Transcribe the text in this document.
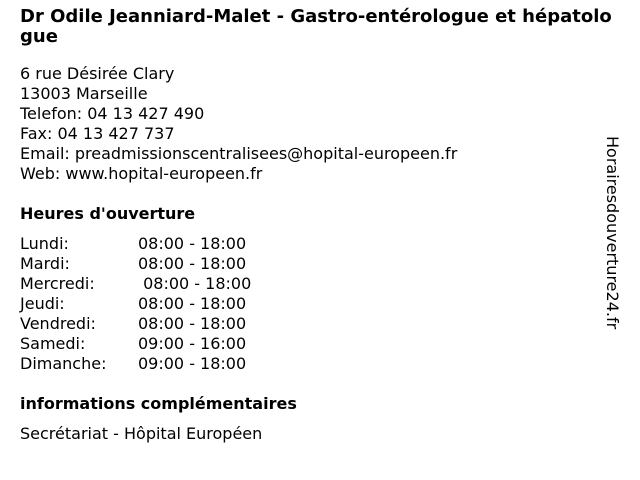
Dr Odile Jeanniard-Malet - Gastro-entérologue et hépatologue
6 rue Désirée Clary
13003 Marseille
Telefon: 04 13 427 490
Fax: 04 13 427 737
Email: preadmissionscentralisees@hopital-europeen.fr
Web: www.hopital-europeen.fr
Heures d'ouverture
Lundi:	08:00 - 18:00
Mardi:	08:00 - 18:00
Mercredi:	08:00 - 18:00
Jeudi:	08:00 - 18:00
Vendredi:	08:00 - 18:00
Samedi:	09:00 - 16:00
Dimanche:	09:00 - 18:00
informations complémentaires
Secrétariat - Hôpital Européen
Horairesdouverture24.fr
